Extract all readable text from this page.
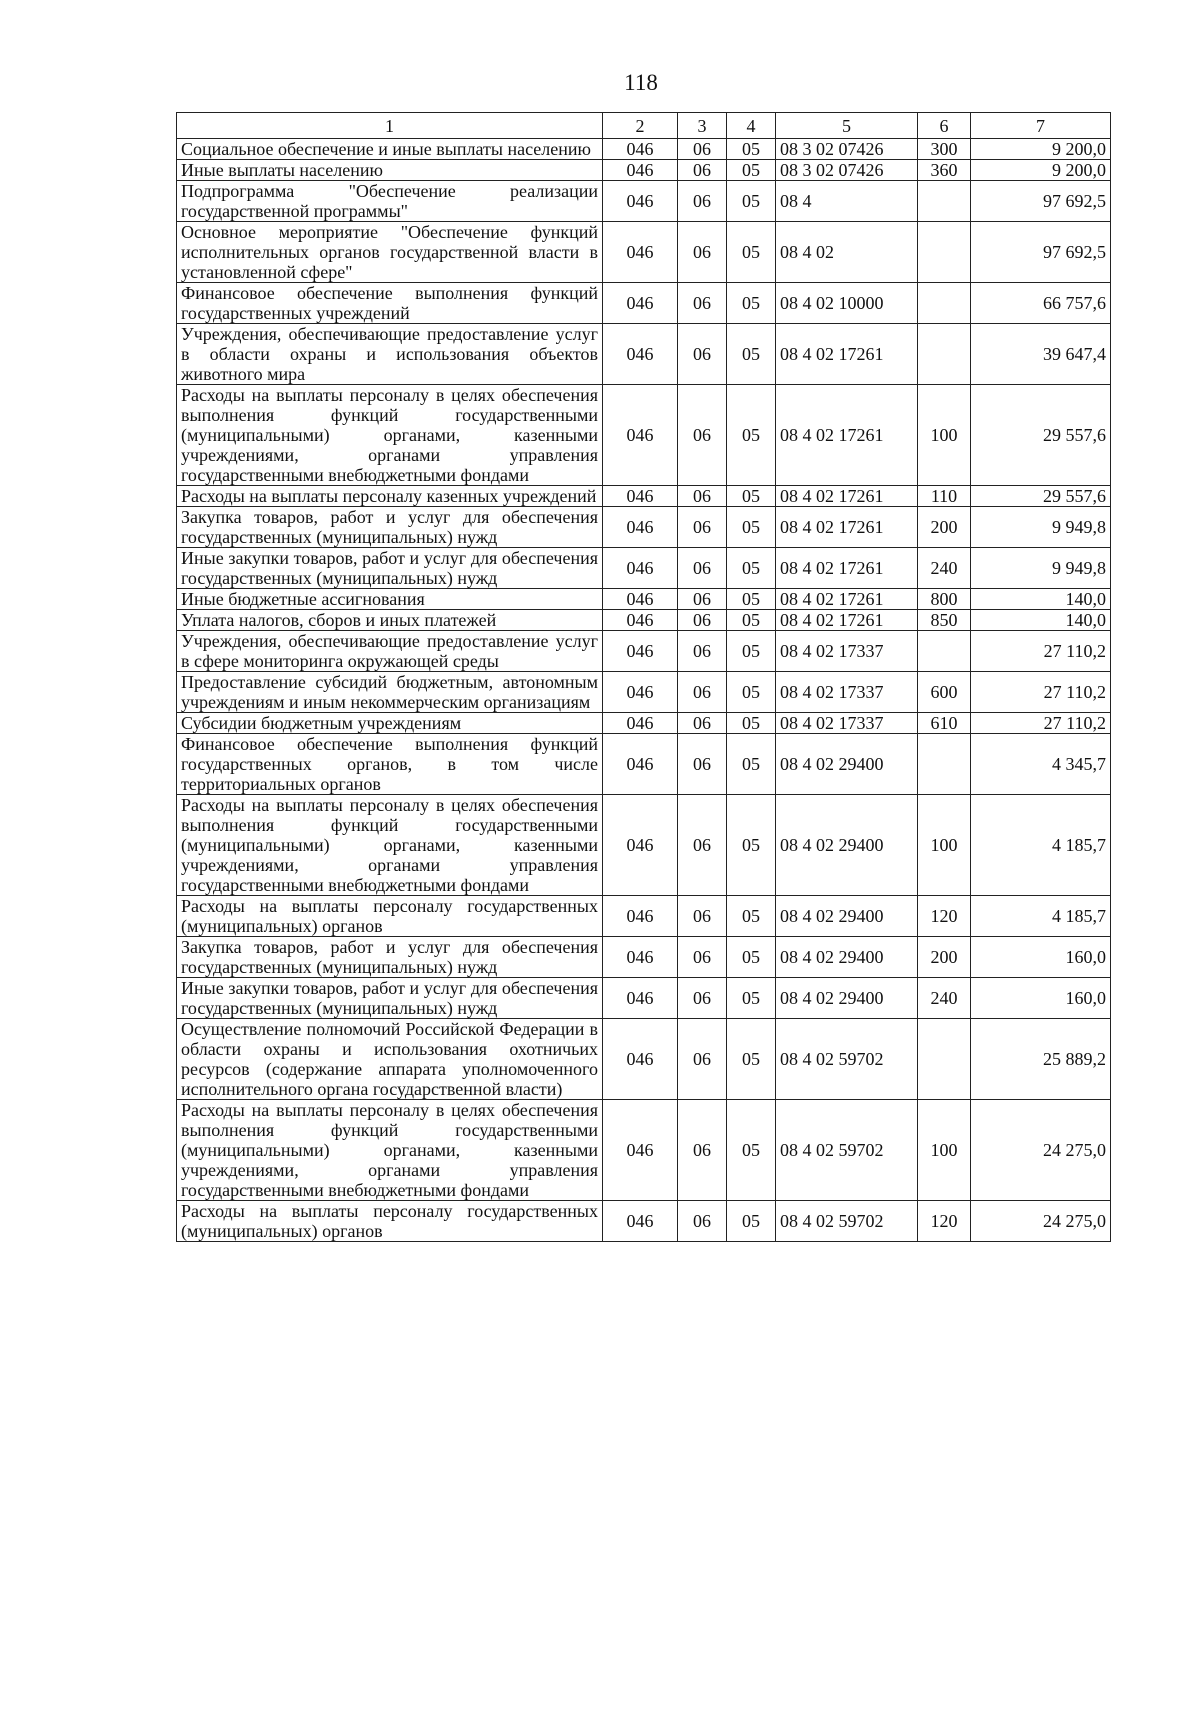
118
1	2	3	4	5	6	7
Социальное обеспечение и иные выплаты населению	046	06	05	08 3 02 07426	300	9 200,0
Иные выплаты населению	046	06	05	08 3 02 07426	360	9 200,0
Подпрограмма "Обеспечение реализации государственной программы"	046	06	05	08 4		97 692,5
Основное мероприятие "Обеспечение функций исполнительных органов государственной власти в установленной сфере"	046	06	05	08 4 02		97 692,5
Финансовое обеспечение выполнения функций государственных учреждений	046	06	05	08 4 02 10000		66 757,6
Учреждения, обеспечивающие предоставление услуг в области охраны и использования объектов животного мира	046	06	05	08 4 02 17261		39 647,4
Расходы на выплаты персоналу в целях обеспечения выполнения функций государственными (муниципальными) органами, казенными учреждениями, органами управления государственными внебюджетными фондами	046	06	05	08 4 02 17261	100	29 557,6
Расходы на выплаты персоналу казенных учреждений	046	06	05	08 4 02 17261	110	29 557,6
Закупка товаров, работ и услуг для обеспечения государственных (муниципальных) нужд	046	06	05	08 4 02 17261	200	9 949,8
Иные закупки товаров, работ и услуг для обеспечения государственных (муниципальных) нужд	046	06	05	08 4 02 17261	240	9 949,8
Иные бюджетные ассигнования	046	06	05	08 4 02 17261	800	140,0
Уплата налогов, сборов и иных платежей	046	06	05	08 4 02 17261	850	140,0
Учреждения, обеспечивающие предоставление услуг в сфере мониторинга окружающей среды	046	06	05	08 4 02 17337		27 110,2
Предоставление субсидий бюджетным, автономным учреждениям и иным некоммерческим организациям	046	06	05	08 4 02 17337	600	27 110,2
Субсидии бюджетным учреждениям	046	06	05	08 4 02 17337	610	27 110,2
Финансовое обеспечение выполнения функций государственных органов, в том числе территориальных органов	046	06	05	08 4 02 29400		4 345,7
Расходы на выплаты персоналу в целях обеспечения выполнения функций государственными (муниципальными) органами, казенными учреждениями, органами управления государственными внебюджетными фондами	046	06	05	08 4 02 29400	100	4 185,7
Расходы на выплаты персоналу государственных (муниципальных) органов	046	06	05	08 4 02 29400	120	4 185,7
Закупка товаров, работ и услуг для обеспечения государственных (муниципальных) нужд	046	06	05	08 4 02 29400	200	160,0
Иные закупки товаров, работ и услуг для обеспечения государственных (муниципальных) нужд	046	06	05	08 4 02 29400	240	160,0
Осуществление полномочий Российской Федерации в области охраны и использования охотничьих ресурсов (содержание аппарата уполномоченного исполнительного органа государственной власти)	046	06	05	08 4 02 59702		25 889,2
Расходы на выплаты персоналу в целях обеспечения выполнения функций государственными (муниципальными) органами, казенными учреждениями, органами управления государственными внебюджетными фондами	046	06	05	08 4 02 59702	100	24 275,0
Расходы на выплаты персоналу государственных (муниципальных) органов	046	06	05	08 4 02 59702	120	24 275,0
